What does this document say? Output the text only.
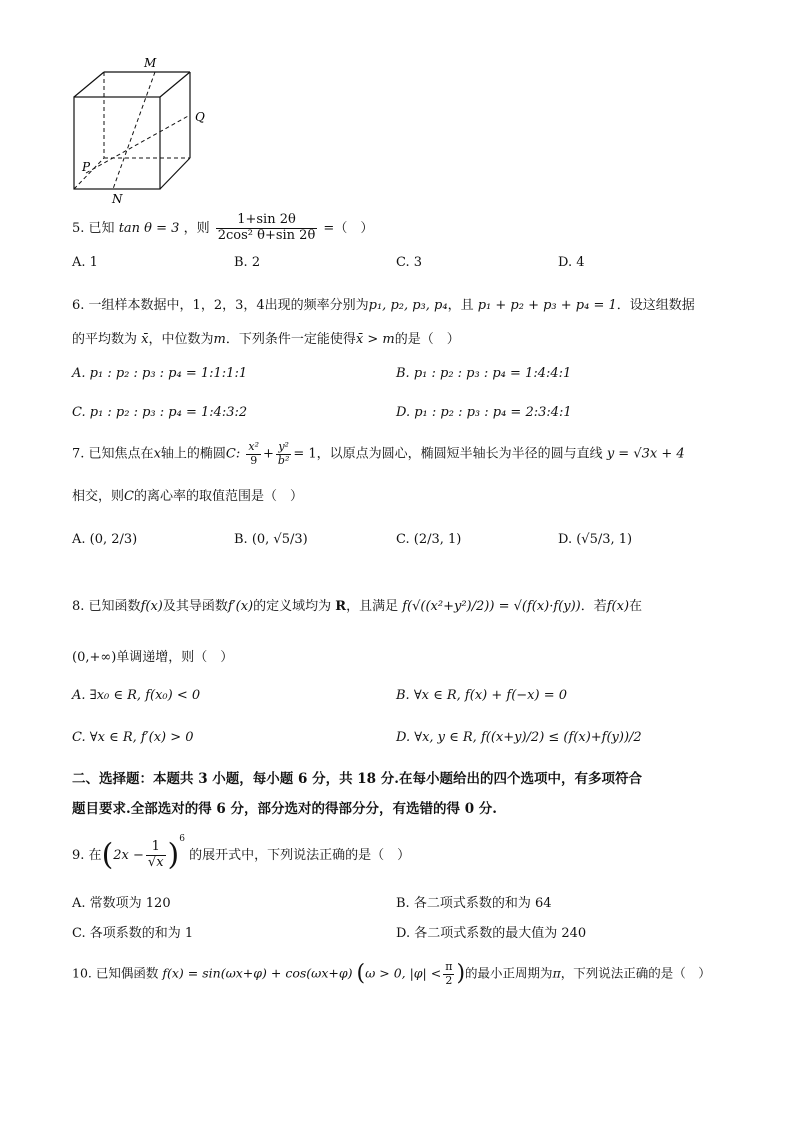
M
Q
P
N
5. 已知 tan θ = 3 ，则 $\frac{1+\sin 2\theta}{\text{2cos² θ+sin 2θ}}$ =（　）
A. 1	B. 2	C. 3	D. 4
6. 一组样本数据中，1，2，3，4出现的频率分别为p₁, p₂, p₃, p₄，且 p₁ + p₂ + p₃ + p₄ = 1．设这组数据
的平均数为 x̄，中位数为m．下列条件一定能使得x̄ > m的是（　）
A. p₁ : p₂ : p₃ : p₄ = 1:1:1:1	B. p₁ : p₂ : p₃ : p₄ = 1:4:4:1
C. p₁ : p₂ : p₃ : p₄ = 1:4:3:2	D. p₁ : p₂ : p₃ : p₄ = 2:3:4:1
7. 已知焦点在x轴上的椭圆C: $\frac{\text{x²}}{9} + \frac{\text{y²}}{\text{b²}} = 1$，以原点为圆心，椭圆短半轴长为半径的圆与直线 y = √3x + 4
相交，则C的离心率的取值范围是（　）
A. (0, 2/3)	B. (0, √5/3)	C. (2/3, 1)	D. (√5/3, 1)
8. 已知函数f(x)及其导函数f′(x)的定义域均为 R，且满足 f(√((x²+y²)/2)) = √(f(x)·f(y))．若f(x)在
(0,+∞)单调递增，则（　）
A. ∃x₀ ∈ R, f(x₀) < 0	B. ∀x ∈ R, f(x) + f(−x) = 0
C. ∀x ∈ R, f′(x) > 0	D. ∀x, y ∈ R, f((x+y)/2) ≤ (f(x)+f(y))/2
二、选择题：本题共 3 小题，每小题 6 分，共 18 分.在每小题给出的四个选项中，有多项符合
题目要求.全部选对的得 6 分，部分选对的得部分分，有选错的得 0 分.
9. 在$(2x - \frac{1}{√x} )^6$ 的展开式中，下列说法正确的是（　）
A. 常数项为 120	B. 各二项式系数的和为 64
C. 各项系数的和为 1	D. 各二项式系数的最大值为 240
10. 已知偶函数 f(x) = sin(ωx+φ) + cos(ωx+φ) (ω > 0, $|\varphi| < \frac{\pi}{2}$ )的最小正周期为π，下列说法正确的是（　）
